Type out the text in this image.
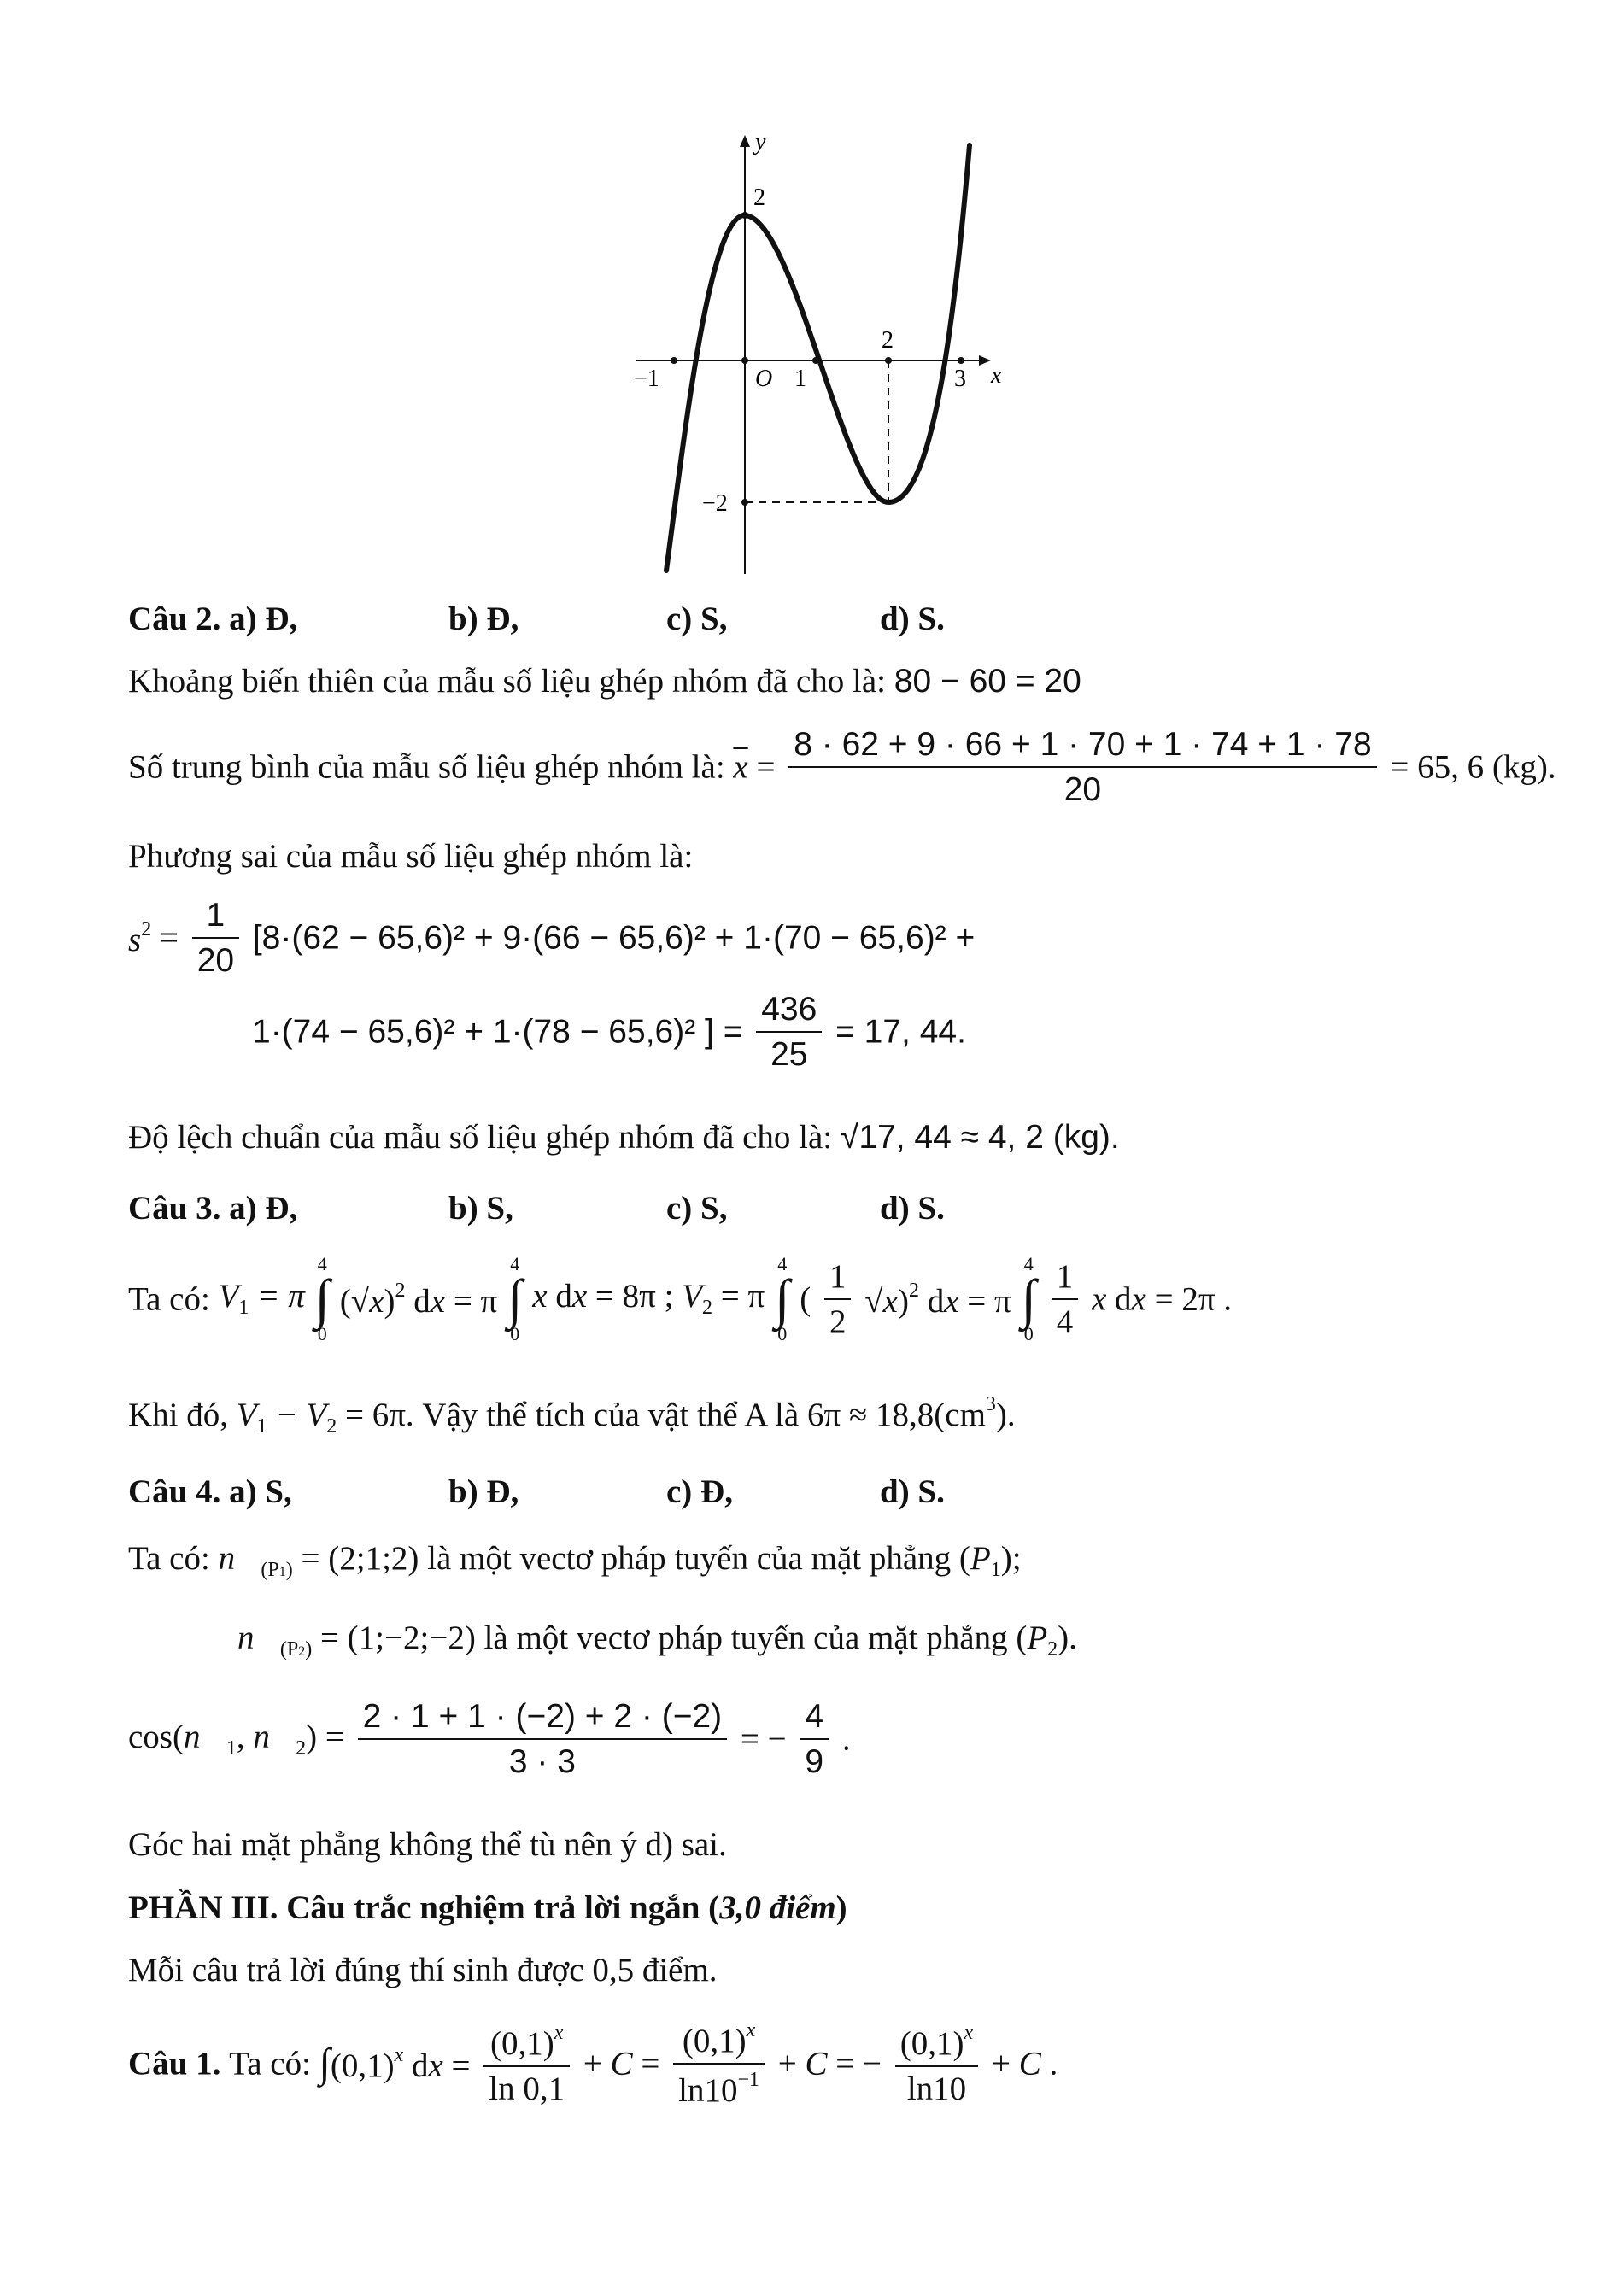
y
x
O
−1	1
2
3
2
−2
Câu 2. a) Đ,	b) Đ,	c) S,	d) S.
Khoảng biến thiên của mẫu số liệu ghép nhóm đã cho là: 80 − 60 = 20
Số trung bình của mẫu số liệu ghép nhóm là: $\overline{x} = \frac{8 \cdot 62 + 9 \cdot 66 + 1 \cdot 70 + 1 \cdot 74 + 1 \cdot 78}{20} = 65$, 6 (kg).
Phương sai của mẫu số liệu ghép nhóm là:
$s^2 = \frac{1}{20} [8\cdot(62 - 65,6)^2 + 9\cdot(66 - 65,6)^2 + 1\cdot(70 - 65,6)^2$ +
1·(74 − 65,6)² + 1·(78 − 65,6)² ] = $\frac{436}{25} = 17$, 44.
Độ lệch chuẩn của mẫu số liệu ghép nhóm đã cho là: √17, 44 ≈ 4, 2 (kg).
Câu 3. a) Đ,	b) S,	c) S,	d) S.
Ta có: $V_1 = \pi$ 4
∫
0 $(√x)^2$ dx = π 4
∫
0 x dx = 8π ; $V_2 = \pi$ 4
∫
0 ( $\frac{1}{2} √x)^2$ dx = π 4
∫
$0 \frac{1}{4}$ x dx = 2π .
Khi đó, $V_1 - V_2 = 6\pi$. Vậy thể tích của vật thể A là $6\pi \approx 18,8(cm^3)$.
Câu 4. a) S,	b) Đ,	c) Đ,	d) S.
Ta có: $n⃗_{(P1)}$ = (2;1;2) là một vectơ pháp tuyến của mặt phẳng $(P_1)$;
$n⃗_{(P2)}$ = (1;−2;−2) là một vectơ pháp tuyến của mặt phẳng $(P_2)$.
$\cos(n⃗_1$, $n⃗_2) = \frac{2 \cdot 1 + 1 \cdot (-2) + 2 \cdot (-2)}{3 \cdot 3}$ = − $\frac{4}{9}$ .
Góc hai mặt phẳng không thể tù nên ý d) sai.
PHẦN III. Câu trắc nghiệm trả lời ngắn (3,0 điểm)
Mỗi câu trả lời đúng thí sinh được 0,5 điểm.
Câu 1. Ta có: $\int(0,1)^x$ dx = $\frac{(0,1)^x}{\ln 0,1} + C = \frac{(0,1)^x}{\ln 10^{-1}} + C$ = − $\frac{(0,1)^x}{\ln 10} + C$ .
